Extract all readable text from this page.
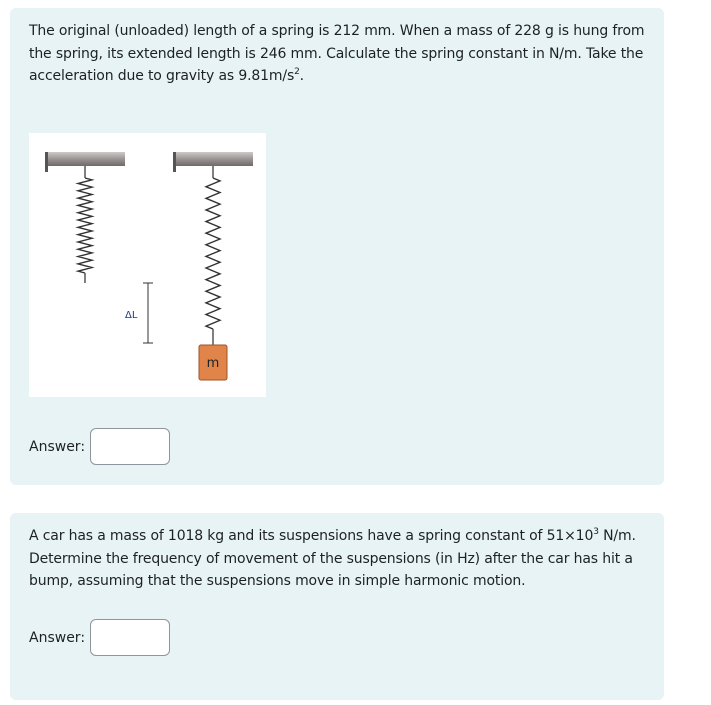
The original (unloaded) length of a spring is 212 mm. When a mass of 228 g is hung from the spring, its extended length is 246 mm. Calculate the spring constant in N/m. Take the acceleration due to gravity as $9.81m/s^2$.

ΔL
m
Answer:

A car has a mass of 1018 kg and its suspensions have a spring constant of $51\times 10^3$ N/m. Determine the frequency of movement of the suspensions (in Hz) after the car has hit a bump, assuming that the suspensions move in simple harmonic motion.

Answer:
